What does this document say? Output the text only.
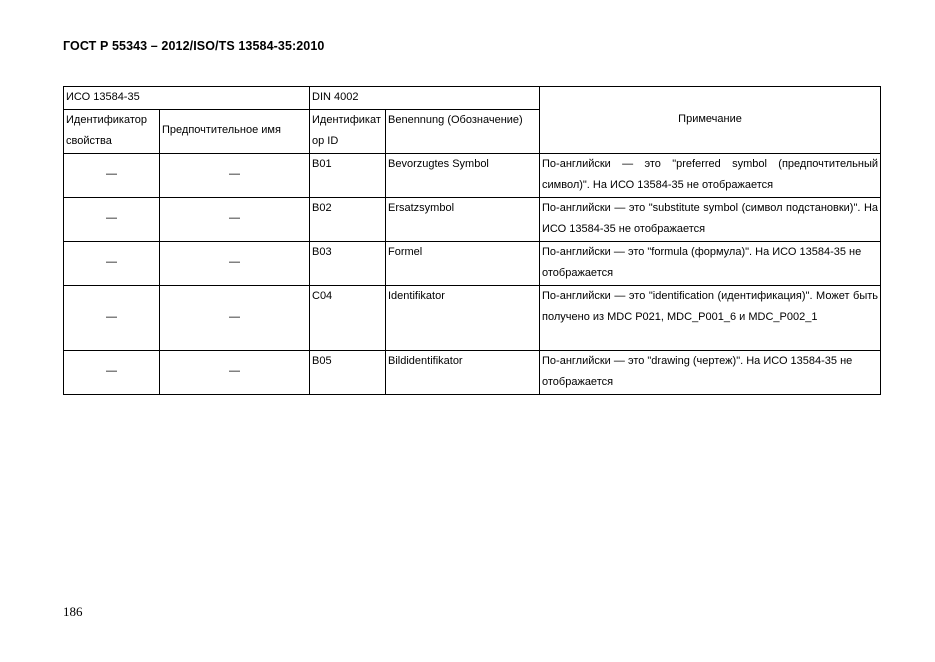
ГОСТ Р 55343 – 2012/ISO/TS 13584-35:2010
ИСО 13584-35		DIN 4002		Примечание
Идентификатор свойства	Предпочтительное имя	Идентификатор ID	Benennung (Обозначение)	
—	—	B01	Bevorzugtes Symbol	По-английски — это "preferred symbol (предпочтительный символ)". На ИСО 13584-35 не отображается
—	—	B02	Ersatzsymbol	По-английски — это "substitute symbol (символ подстановки)". На ИСО 13584-35 не отображается
—	—	B03	Formel	По-английски — это "formula (формула)". На ИСО 13584-35 не отображается
—	—	C04	Identifikator	По-английски — это "identification (идентификация)". Может быть получено из MDC P021, MDC_P001_6 и MDC_P002_1
—	—	B05	Bildidentifikator	По-английски — это "drawing (чертеж)". На ИСО 13584-35 не отображается
186
